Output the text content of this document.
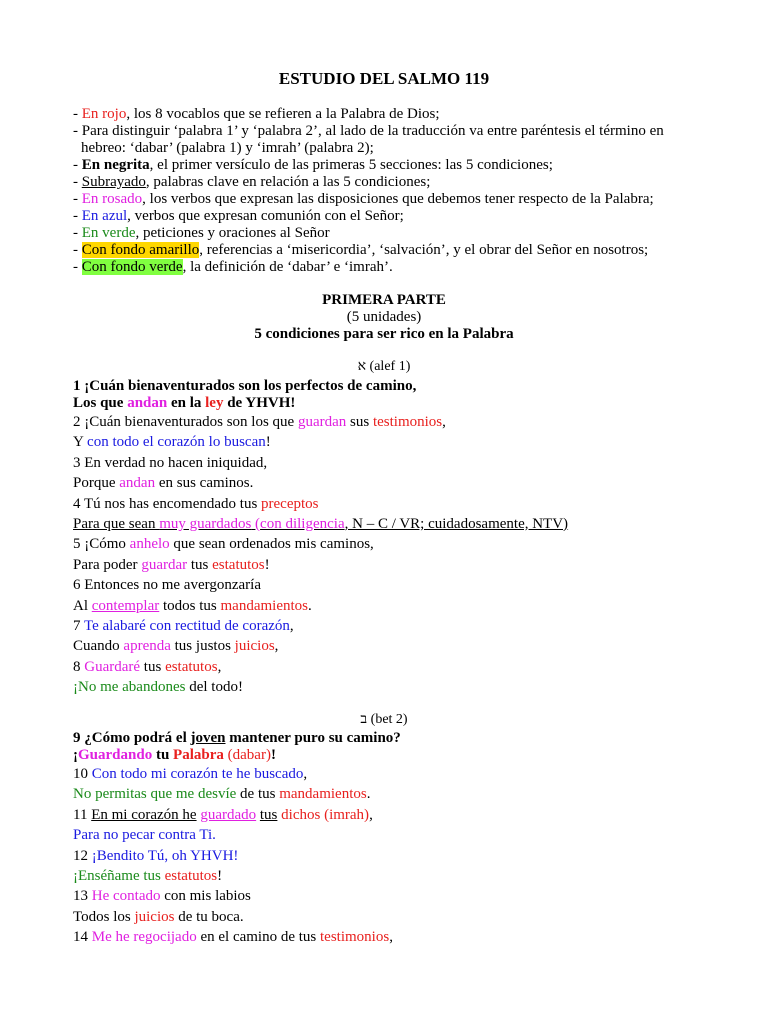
ESTUDIO DEL SALMO 119
- En rojo, los 8 vocablos que se refieren a la Palabra de Dios;
- Para distinguir ‘palabra 1’ y ‘palabra 2’, al lado de la traducción va entre paréntesis el término en
hebreo: ‘dabar’ (palabra 1) y ‘imrah’ (palabra 2);
- En negrita, el primer versículo de las primeras 5 secciones: las 5 condiciones;
- Subrayado, palabras clave en relación a las 5 condiciones;
- En rosado, los verbos que expresan las disposiciones que debemos tener respecto de la Palabra;
- En azul, verbos que expresan comunión con el Señor;
- En verde, peticiones y oraciones al Señor
- Con fondo amarillo, referencias a ‘misericordia’, ‘salvación’, y el obrar del Señor en nosotros;
- Con fondo verde, la definición de ‘dabar’ e ‘imrah’.
PRIMERA PARTE
(5 unidades)
5 condiciones para ser rico en la Palabra
א (alef 1)
1 ¡Cuán bienaventurados son los perfectos de camino,
Los que andan en la ley de YHVH!
2 ¡Cuán bienaventurados son los que guardan sus testimonios,
Y con todo el corazón lo buscan!
3 En verdad no hacen iniquidad,
Porque andan en sus caminos.
4 Tú nos has encomendado tus preceptos
Para que sean muy guardados (con diligencia, N – C / VR; cuidadosamente, NTV)
5 ¡Cómo anhelo que sean ordenados mis caminos,
Para poder guardar tus estatutos!
6 Entonces no me avergonzaría
Al contemplar todos tus mandamientos.
7 Te alabaré con rectitud de corazón,
Cuando aprenda tus justos juicios,
8 Guardaré tus estatutos,
¡No me abandones del todo!
ב (bet 2)
9 ¿Cómo podrá el joven mantener puro su camino?
¡Guardando tu Palabra (dabar)!
10 Con todo mi corazón te he buscado,
No permitas que me desvíe de tus mandamientos.
11 En mi corazón he guardado tus dichos (imrah),
Para no pecar contra Ti.
12 ¡Bendito Tú, oh YHVH!
¡Enséñame tus estatutos!
13 He contado con mis labios
Todos los juicios de tu boca.
14 Me he regocijado en el camino de tus testimonios,
